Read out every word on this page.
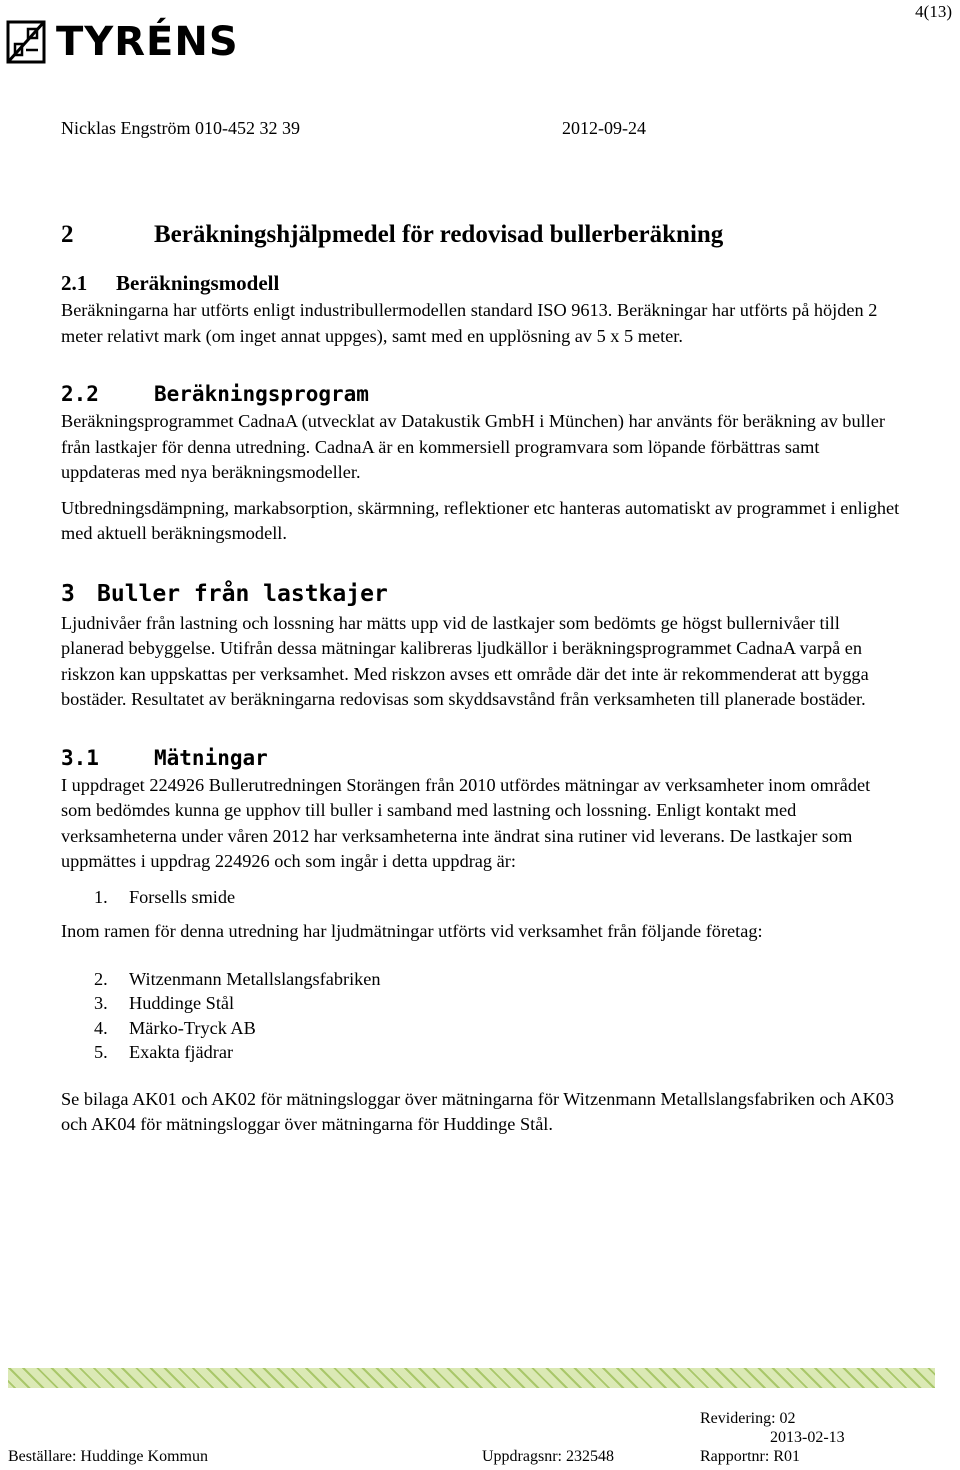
4(13)
TYRÉNS
Nicklas Engström 010-452 32 39	2012-09-24
2	Beräkningshjälpmedel för redovisad bullerberäkning
2.1	Beräkningsmodell

Beräkningarna har utförts enligt industribullermodellen standard ISO 9613. Beräkningar har utförts på höjden 2 meter relativt mark (om inget annat uppges), samt med en upplösning av 5 x 5 meter.

2.2	Beräkningsprogram

Beräkningsprogrammet CadnaA (utvecklat av Datakustik GmbH i München) har använts för beräkning av buller från lastkajer för denna utredning. CadnaA är en kommersiell programvara som löpande förbättras samt uppdateras med nya beräkningsmodeller.

Utbredningsdämpning, markabsorption, skärmning, reflektioner etc hanteras automatiskt av programmet i enlighet med aktuell beräkningsmodell.

3 Buller från lastkajer

Ljudnivåer från lastning och lossning har mätts upp vid de lastkajer som bedömts ge högst bullernivåer till planerad bebyggelse. Utifrån dessa mätningar kalibreras ljudkällor i beräkningsprogrammet CadnaA varpå en riskzon kan uppskattas per verksamhet. Med riskzon avses ett område där det inte är rekommenderat att bygga bostäder. Resultatet av beräkningarna redovisas som skyddsavstånd från verksamheten till planerade bostäder.

3.1	Mätningar

I uppdraget 224926 Bullerutredningen Storängen från 2010 utfördes mätningar av verksamheter inom området som bedömdes kunna ge upphov till buller i samband med lastning och lossning. Enligt kontakt med verksamheterna under våren 2012 har verksamheterna inte ändrat sina rutiner vid leverans. De lastkajer som uppmättes i uppdrag 224926 och som ingår i detta uppdrag är:

1.	Forsells smide

Inom ramen för denna utredning har ljudmätningar utförts vid verksamhet från följande företag:

2.	Witzenmann Metallslangsfabriken
3.	Huddinge Stål
4.	Märko-Tryck AB
5.	Exakta fjädrar

Se bilaga AK01 och AK02 för mätningsloggar över mätningarna för Witzenmann Metallslangsfabriken och AK03 och AK04 för mätningsloggar över mätningarna för Huddinge Stål.

Revidering: 02
2013-02-13
Beställare: Huddinge Kommun	Uppdragsnr: 232548	Rapportnr: R01
